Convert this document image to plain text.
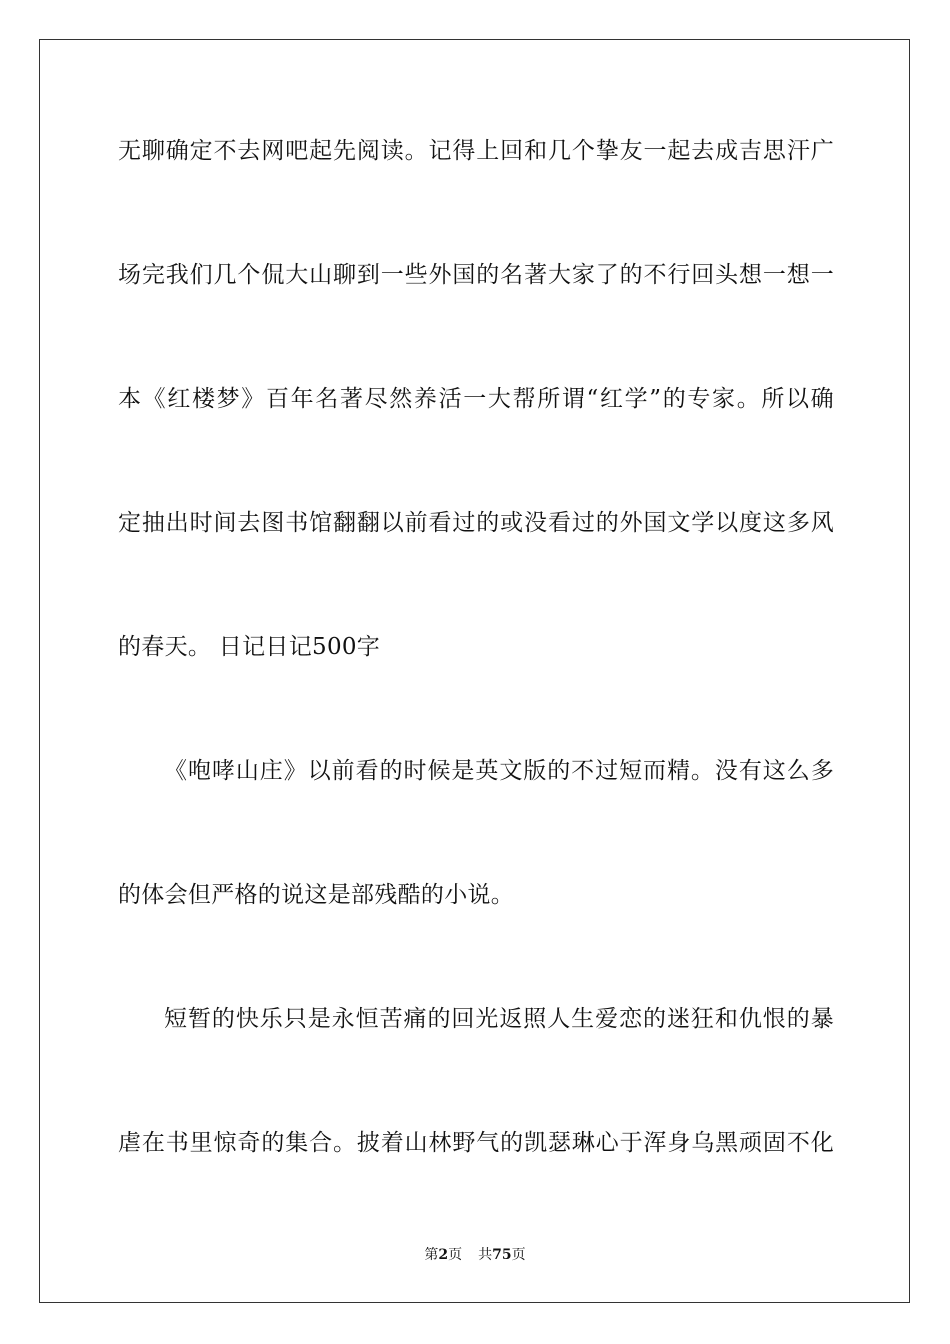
无聊确定不去网吧起先阅读。记得上回和几个挚友一起去成吉思汗广
场完我们几个侃大山聊到一些外国的名著大家了的不行回头想一想一
本《红楼梦》百年名著尽然养活一大帮所谓“红学”的专家。所以确
定抽出时间去图书馆翻翻以前看过的或没看过的外国文学以度这多风
的春天。 日记日记500字
《咆哮山庄》以前看的时候是英文版的不过短而精。没有这么多
的体会但严格的说这是部残酷的小说。
短暂的快乐只是永恒苦痛的回光返照人生爱恋的迷狂和仇恨的暴
虐在书里惊奇的集合。披着山林野气的凯瑟琳心于浑身乌黑顽固不化
第2页 共75页
